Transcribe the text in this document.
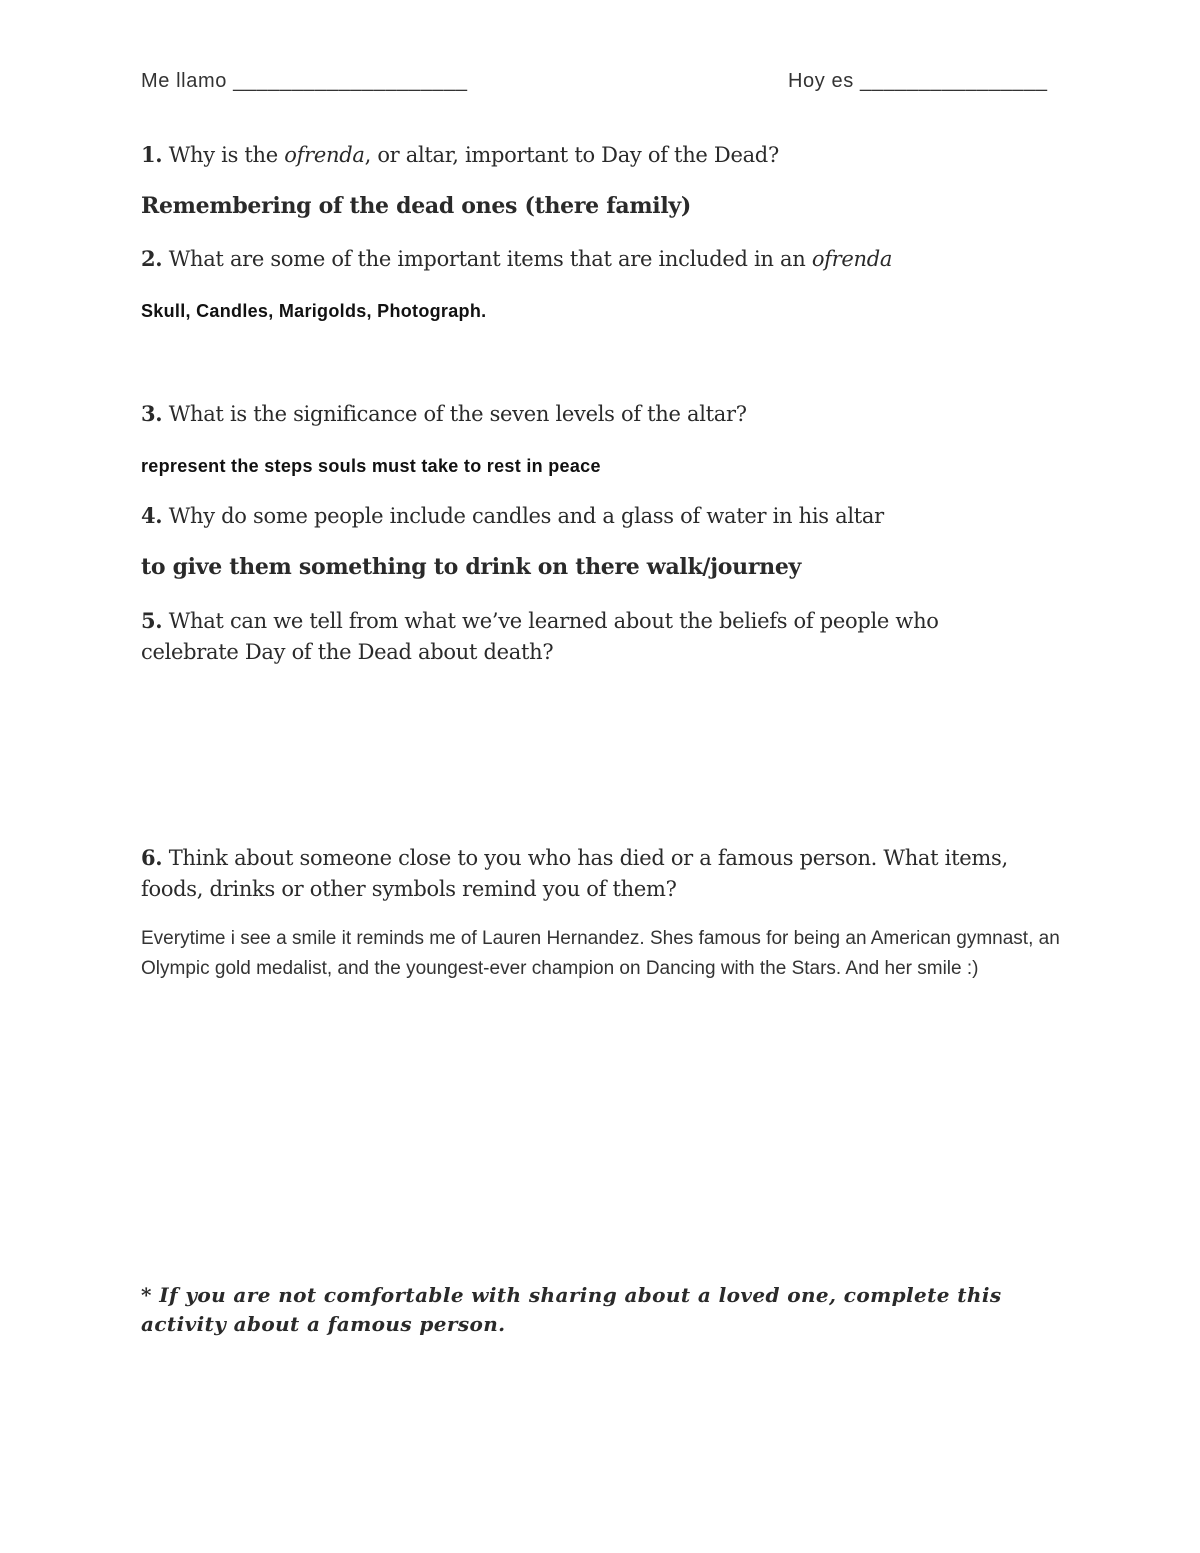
Me llamo ____________________	Hoy es ________________
1. Why is the ofrenda, or altar, important to Day of the Dead?
Remembering of the dead ones (there family)
2. What are some of the important items that are included in an ofrenda
Skull, Candles, Marigolds, Photograph.
3. What is the significance of the seven levels of the altar?
represent the steps souls must take to rest in peace
4. Why do some people include candles and a glass of water in his altar
to give them something to drink on there walk/journey
5. What can we tell from what we’ve learned about the beliefs of people who celebrate Day of the Dead about death?
6. Think about someone close to you who has died or a famous person. What items, foods, drinks or other symbols remind you of them?
Everytime i see a smile it reminds me of Lauren Hernandez. Shes famous for being an American gymnast, an Olympic gold medalist, and the youngest-ever champion on Dancing with the Stars. And her smile :)
* If you are not comfortable with sharing about a loved one, complete this activity about a famous person.
